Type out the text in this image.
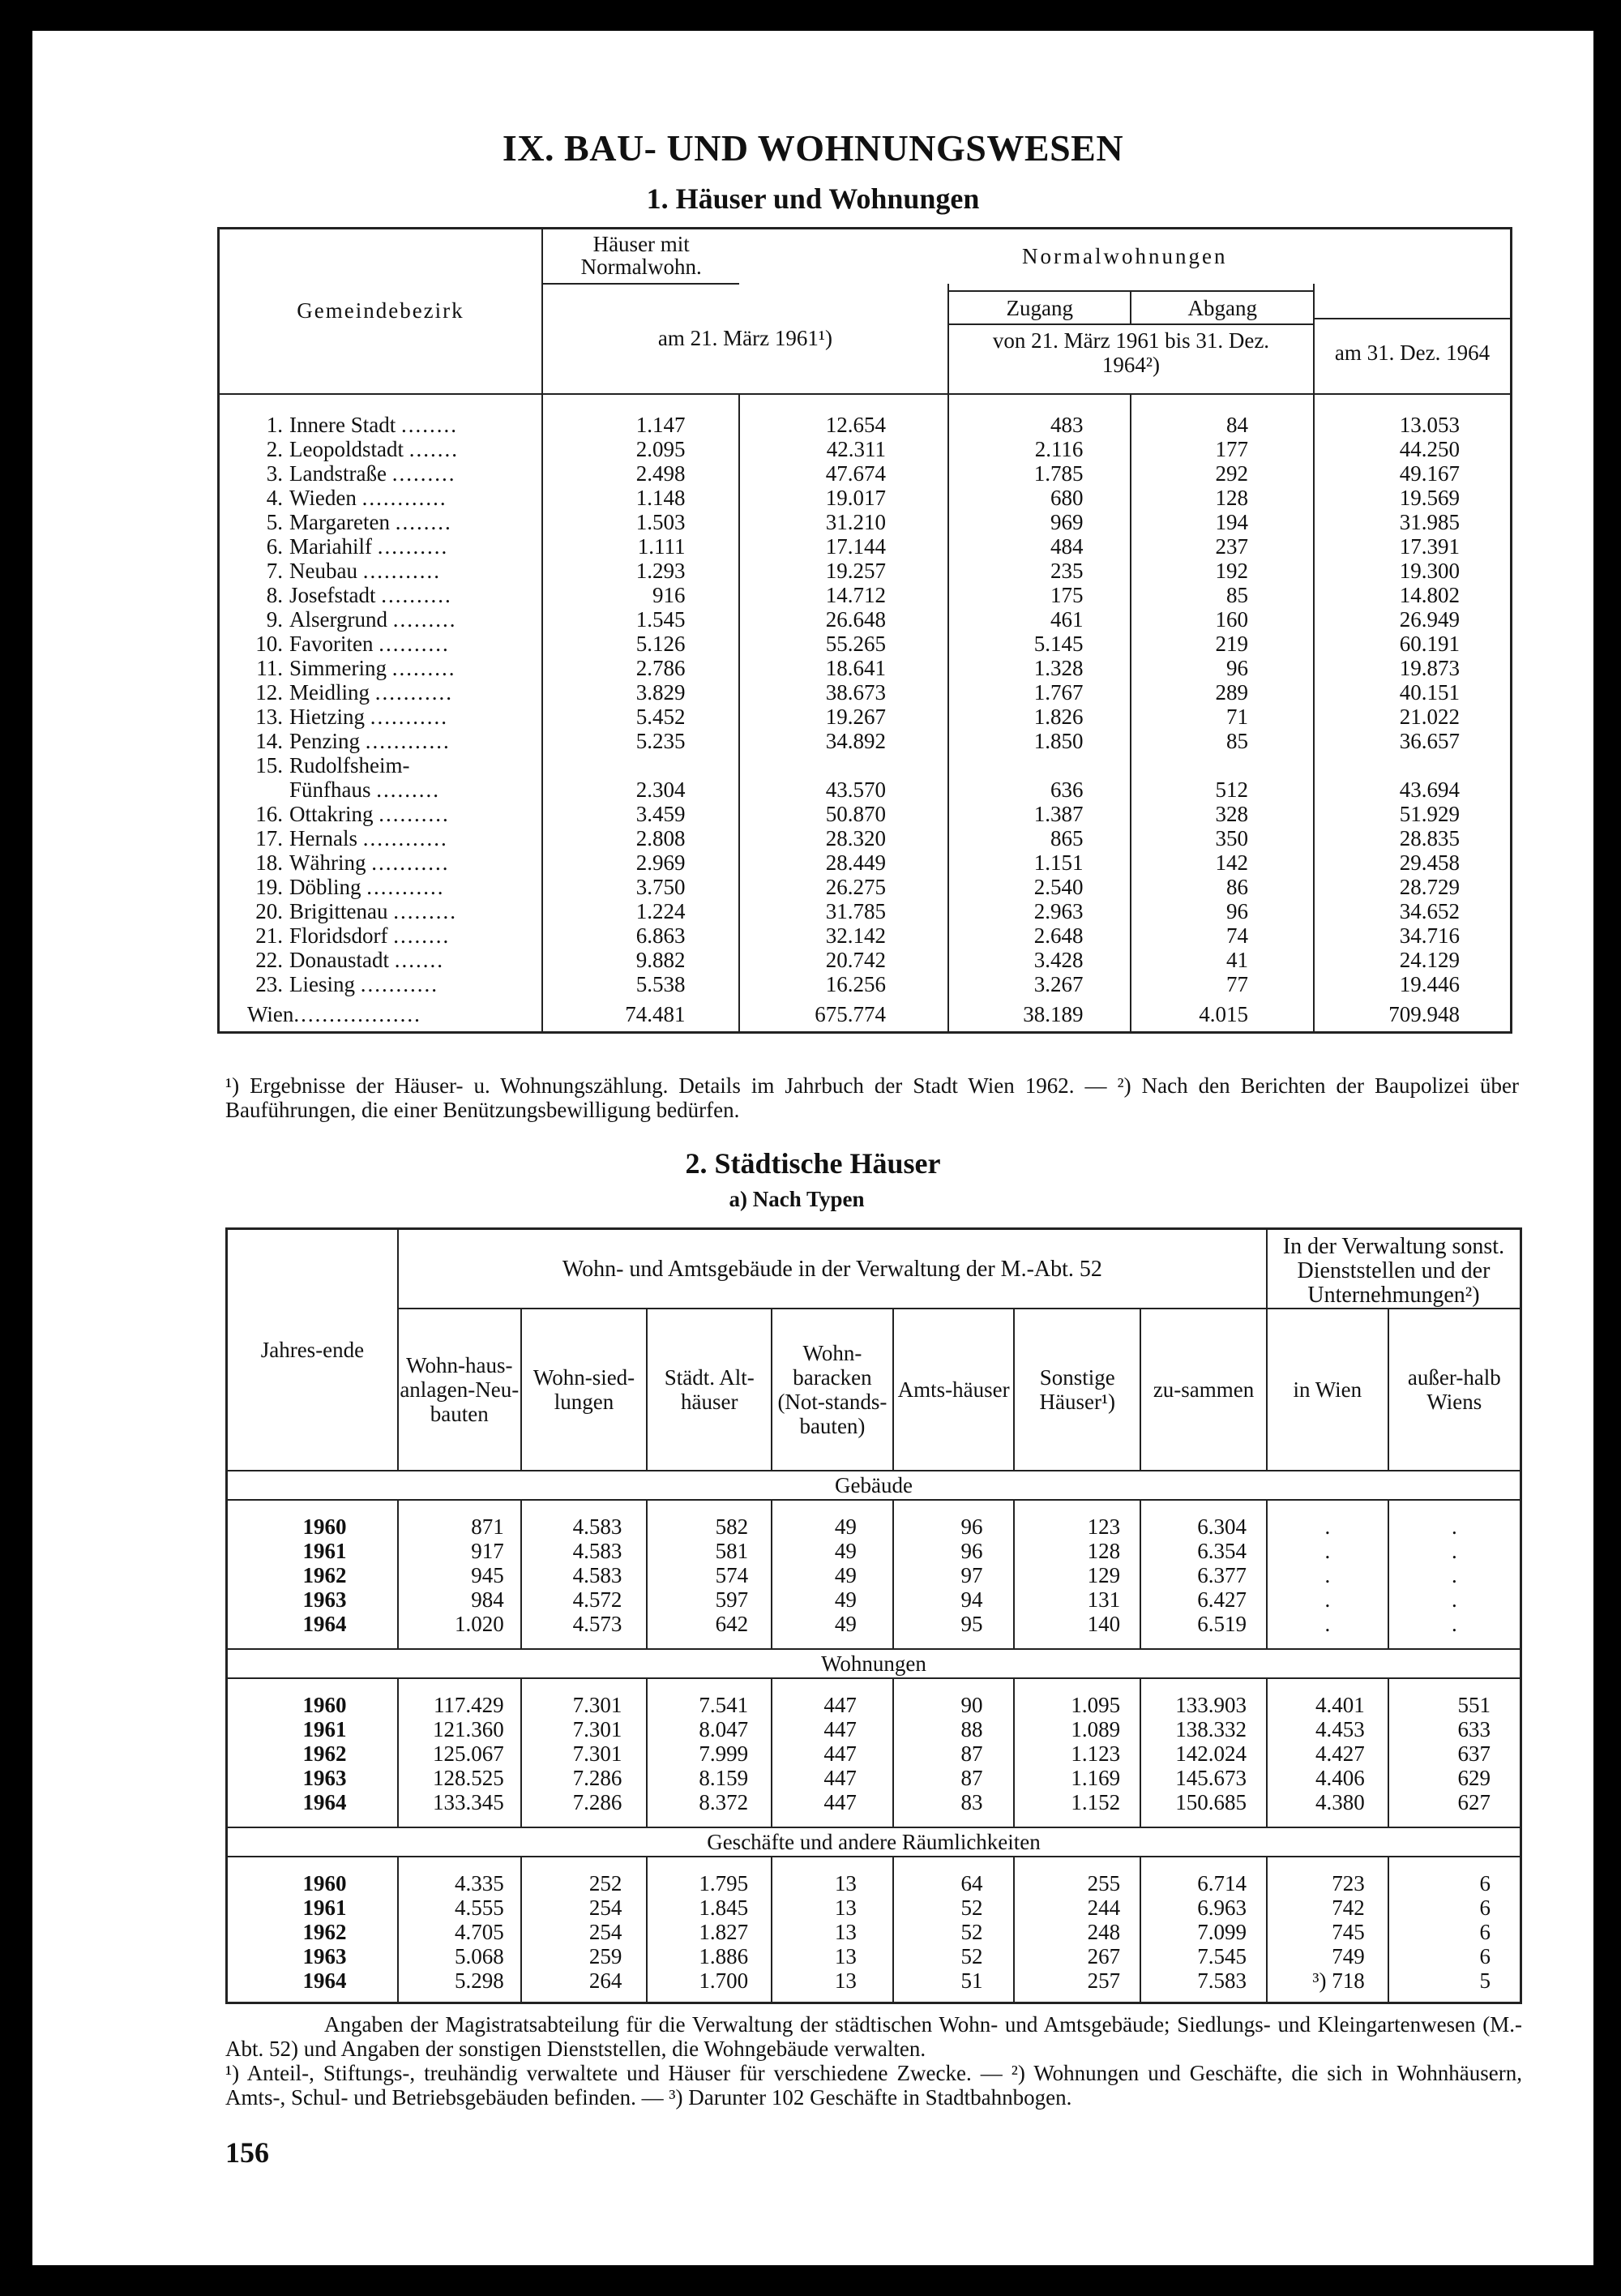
IX. BAU- UND WOHNUNGSWESEN
1. Häuser und Wohnungen
Gemeindebezirk	Häuser mit Normalwohn.	Normalwohnungen			
	am 21. März 1961¹)		Zugang Abgang
von 21. März 1961 bis 31. Dez. 1964²)		am 31. Dez. 1964

1. Innere Stadt ........	1.147	12.654	483	84	13.053
2. Leopoldstadt .......	2.095	42.311	2.116	177	44.250
3. Landstraße .........	2.498	47.674	1.785	292	49.167
4. Wieden ............	1.148	19.017	680	128	19.569
5. Margareten ........	1.503	31.210	969	194	31.985
6. Mariahilf ..........	1.111	17.144	484	237	17.391
7. Neubau ...........	1.293	19.257	235	192	19.300
8. Josefstadt ..........	916	14.712	175	85	14.802
9. Alsergrund .........	1.545	26.648	461	160	26.949
10. Favoriten ..........	5.126	55.265	5.145	219	60.191
11. Simmering .........	2.786	18.641	1.328	96	19.873
12. Meidling ...........	3.829	38.673	1.767	289	40.151
13. Hietzing ...........	5.452	19.267	1.826	71	21.022
14. Penzing ............	5.235	34.892	1.850	85	36.657
15. Rudolfsheim-					
Fünfhaus .........	2.304	43.570	636	512	43.694
16. Ottakring ..........	3.459	50.870	1.387	328	51.929
17. Hernals ............	2.808	28.320	865	350	28.835
18. Währing ...........	2.969	28.449	1.151	142	29.458
19. Döbling ...........	3.750	26.275	2.540	86	28.729
20. Brigittenau .........	1.224	31.785	2.963	96	34.652
21. Floridsdorf ........	6.863	32.142	2.648	74	34.716
22. Donaustadt .......	9.882	20.742	3.428	41	24.129
23. Liesing ...........	5.538	16.256	3.267	77	19.446
Wien..................	74.481	675.774	38.189	4.015	709.948
¹) Ergebnisse der Häuser- u. Wohnungszählung. Details im Jahrbuch der Stadt Wien 1962. — ²) Nach den Berichten der Baupolizei über Bauführungen, die einer Benützungsbewilligung bedürfen.
2. Städtische Häuser
a) Nach Typen
Jahres-ende	Wohn- und Amtsgebäude in der Verwaltung der M.-Abt. 52							In der Verwaltung sonst. Dienststellen und der Unternehmungen²)	
	Wohn-haus-anlagen-Neu-bauten	Wohn-sied-lungen	Städt. Alt-häuser	Wohn-baracken (Not-stands-bauten)	Amts-häuser	Sonstige Häuser¹)	zu-sammen	in Wien	außer-halb Wiens
Gebäude									

1960	871	4.583	582	49	96	123	6.304	.	.
1961	917	4.583	581	49	96	128	6.354	.	.
1962	945	4.583	574	49	97	129	6.377	.	.
1963	984	4.572	597	49	94	131	6.427	.	.
1964	1.020	4.573	642	49	95	140	6.519	.	.

Wohnungen									

1960	117.429	7.301	7.541	447	90	1.095	133.903	4.401	551
1961	121.360	7.301	8.047	447	88	1.089	138.332	4.453	633
1962	125.067	7.301	7.999	447	87	1.123	142.024	4.427	637
1963	128.525	7.286	8.159	447	87	1.169	145.673	4.406	629
1964	133.345	7.286	8.372	447	83	1.152	150.685	4.380	627

Geschäfte und andere Räumlichkeiten									

1960	4.335	252	1.795	13	64	255	6.714	723	6
1961	4.555	254	1.845	13	52	244	6.963	742	6
1962	4.705	254	1.827	13	52	248	7.099	745	6
1963	5.068	259	1.886	13	52	267	7.545	749	6
1964	5.298	264	1.700	13	51	257	7.583	³) 718	5

Angaben der Magistratsabteilung für die Verwaltung der städtischen Wohn- und Amtsgebäude; Siedlungs- und Kleingartenwesen (M.-Abt. 52) und Angaben der sonstigen Dienststellen, die Wohngebäude verwalten.
¹) Anteil-, Stiftungs-, treuhändig verwaltete und Häuser für verschiedene Zwecke. — ²) Wohnungen und Geschäfte, die sich in Wohnhäusern, Amts-, Schul- und Betriebsgebäuden befinden. — ³) Darunter 102 Geschäfte in Stadtbahnbogen.
156
